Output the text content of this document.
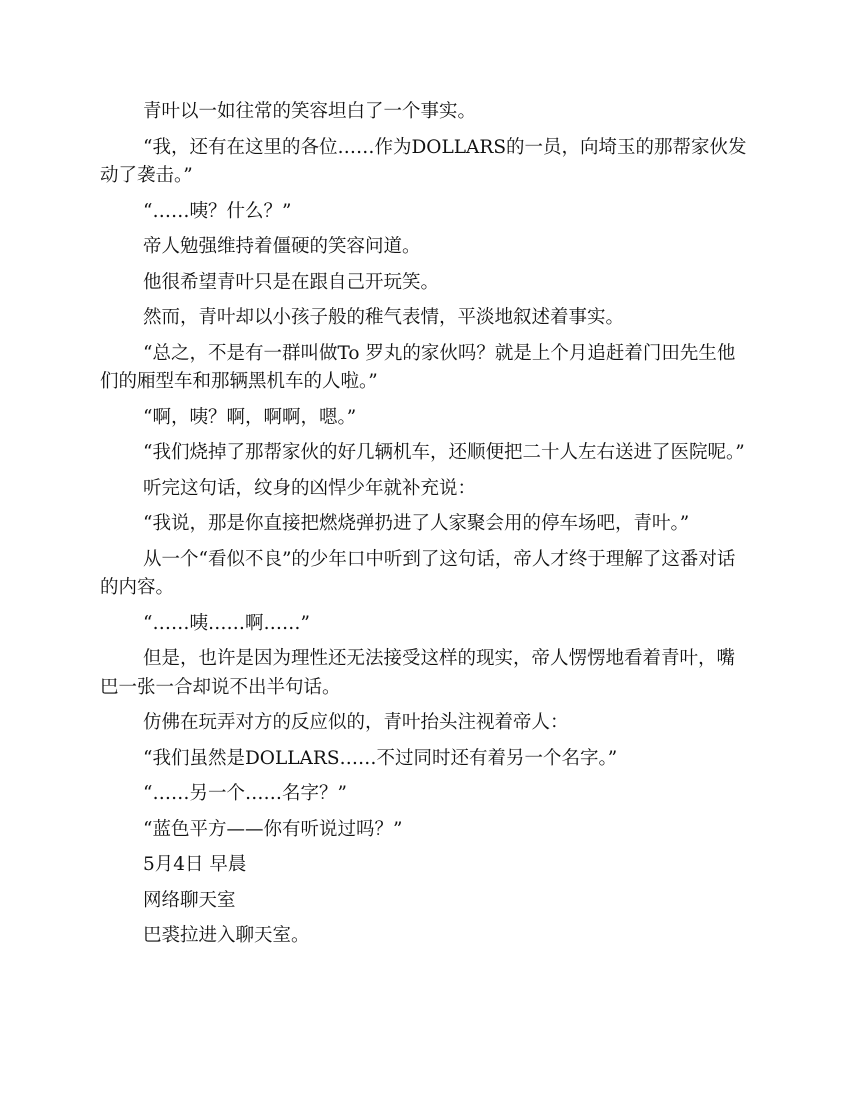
青叶以一如往常的笑容坦白了一个事实。

“我，还有在这里的各位……作为DOLLARS的一员，向埼玉的那帮家伙发动了袭击。”

“……咦？什么？”

帝人勉强维持着僵硬的笑容问道。

他很希望青叶只是在跟自己开玩笑。

然而，青叶却以小孩子般的稚气表情，平淡地叙述着事实。

“总之，不是有一群叫做To 罗丸的家伙吗？就是上个月追赶着门田先生他们的厢型车和那辆黑机车的人啦。”

“啊，咦？啊，啊啊，嗯。”

“我们烧掉了那帮家伙的好几辆机车，还顺便把二十人左右送进了医院呢。”

听完这句话，纹身的凶悍少年就补充说：

“我说，那是你直接把燃烧弹扔进了人家聚会用的停车场吧，青叶。”

从一个“看似不良”的少年口中听到了这句话，帝人才终于理解了这番对话的内容。

“……咦……啊……”

但是，也许是因为理性还无法接受这样的现实，帝人愣愣地看着青叶，嘴巴一张一合却说不出半句话。

仿佛在玩弄对方的反应似的，青叶抬头注视着帝人：

“我们虽然是DOLLARS……不过同时还有着另一个名字。”

“……另一个……名字？”

“蓝色平方——你有听说过吗？”

5月4日 早晨

网络聊天室

巴裘拉进入聊天室。
